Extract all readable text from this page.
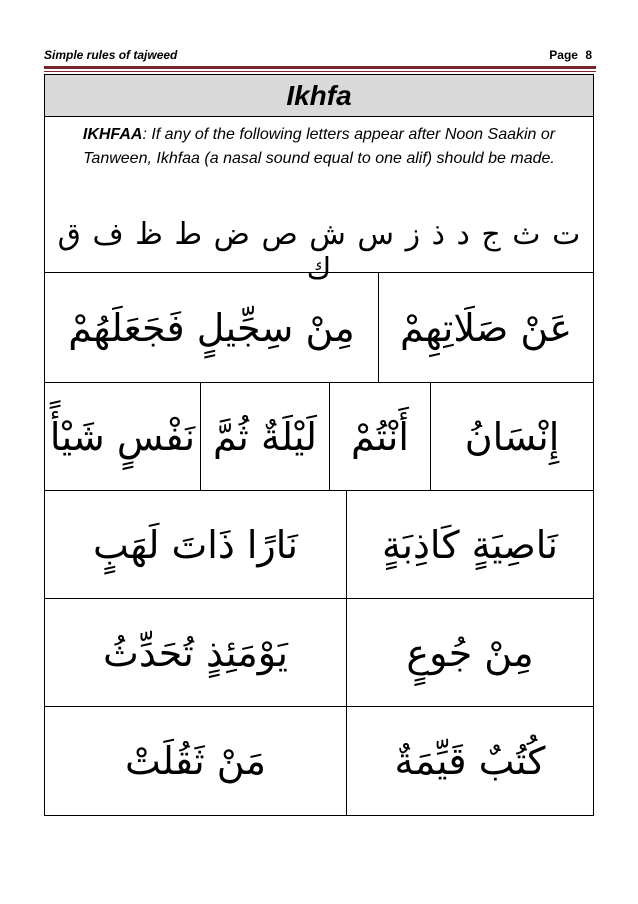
Simple rules of tajweed	Page 8
Ikhfa
IKHFAA: If any of the following letters appear after Noon Saakin or Tanween, Ikhfaa (a nasal sound equal to one alif) should be made.
ت ث ج د ذ ز س ش ص ض ط ظ ف ق ك
عَنْ صَلَاتِهِمْ
مِنْ سِجِّيلٍ فَجَعَلَهُمْ
إِنْسَانُ
أَنْتُمْ
لَيْلَةٌ ثُمَّ
نَفْسٍ شَيْأً
نَاصِيَةٍ كَاذِبَةٍ
نَارًا ذَاتَ لَهَبٍ
مِنْ جُوعٍ
يَوْمَئِذٍ تُحَدِّثُ
كُتُبٌ قَيِّمَةٌ
مَنْ ثَقُلَتْ
